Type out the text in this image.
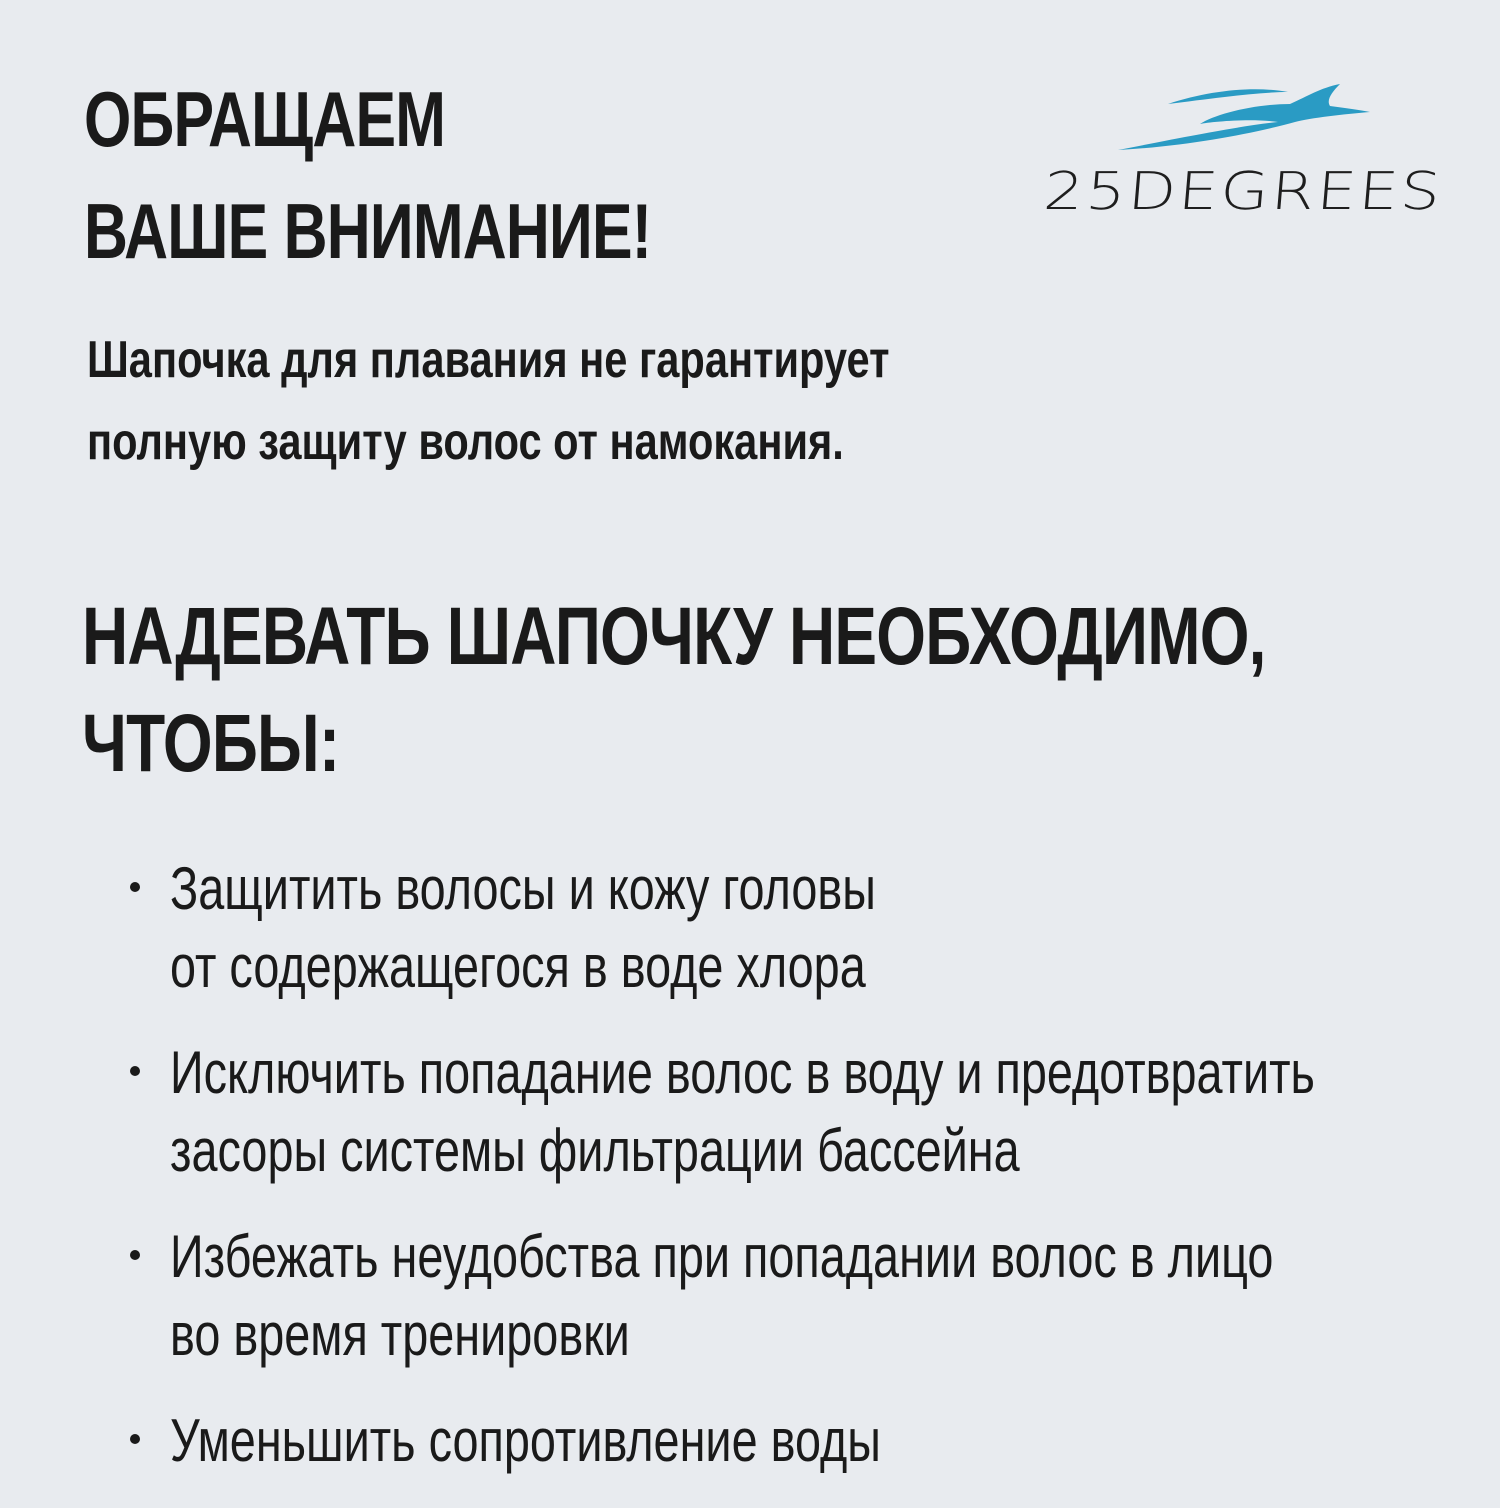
ОБРАЩАЕМ
ВАШЕ ВНИМАНИЕ!	25DEGREES
Шапочка для плавания не гарантирует
полную защиту волос от намокания.
НАДЕВАТЬ ШАПОЧКУ НЕОБХОДИМО,
ЧТОБЫ:
Защитить волосы и кожу головы
от содержащегося в воде хлора
Исключить попадание волос в воду и предотвратить
засоры системы фильтрации бассейна
Избежать неудобства при попадании волос в лицо
во время тренировки
Уменьшить сопротивление воды
